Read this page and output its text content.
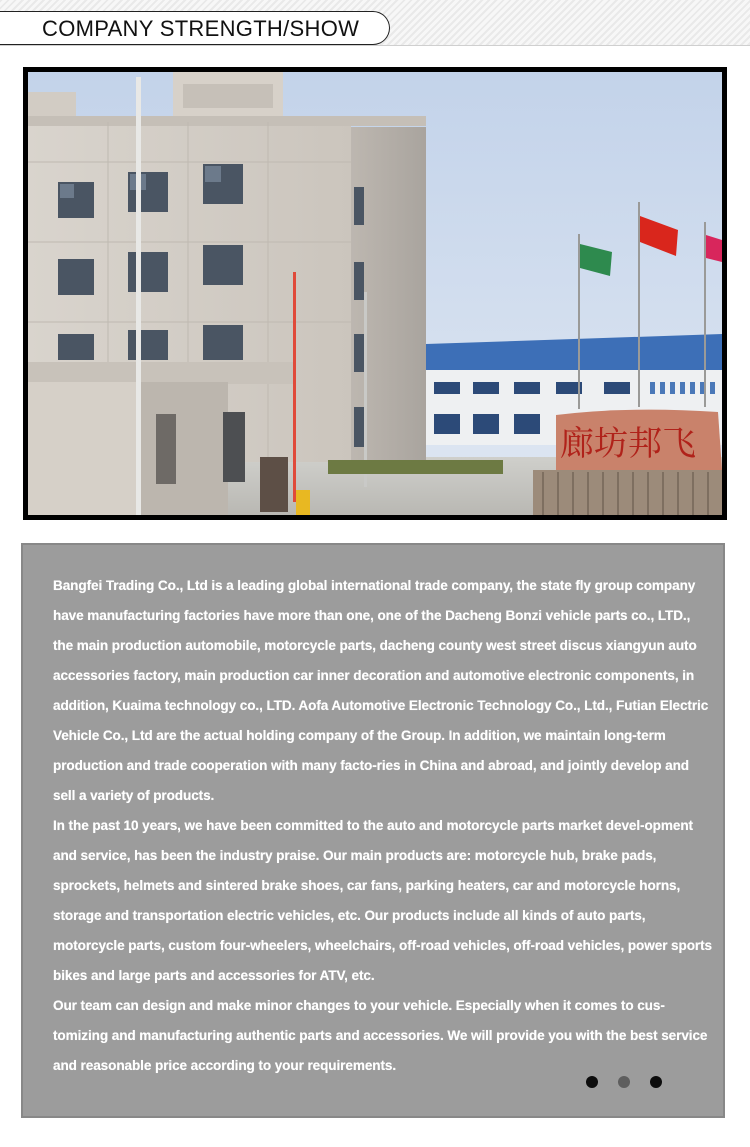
COMPANY STRENGTH/SHOW
廊坊邦飞

Bangfei Trading Co., Ltd is a leading global international trade company, the state fly group company have manufacturing factories have more than one, one of the Dacheng Bonzi vehicle parts co., LTD., the main production automobile, motorcycle parts, dacheng county west street discus xiangyun auto accessories factory, main production car inner decoration and automotive electronic components, in addition, Kuaima technology co., LTD. Aofa Automotive Electronic Technology Co., Ltd., Futian Electric Vehicle Co., Ltd are the actual holding company of the Group. In addition, we maintain long-term production and trade cooperation with many facto-ries in China and abroad, and jointly develop and sell a variety of products.

In the past 10 years, we have been committed to the auto and motorcycle parts market devel-opment and service, has been the industry praise. Our main products are: motorcycle hub, brake pads, sprockets, helmets and sintered brake shoes, car fans, parking heaters, car and motorcycle horns, storage and transportation electric vehicles, etc. Our products include all kinds of auto parts, motorcycle parts, custom four-wheelers, wheelchairs, off-road vehicles, off-road vehicles, power sports bikes and large parts and accessories for ATV, etc.

Our team can design and make minor changes to your vehicle. Especially when it comes to cus-tomizing and manufacturing authentic parts and accessories. We will provide you with the best service and reasonable price according to your requirements.
